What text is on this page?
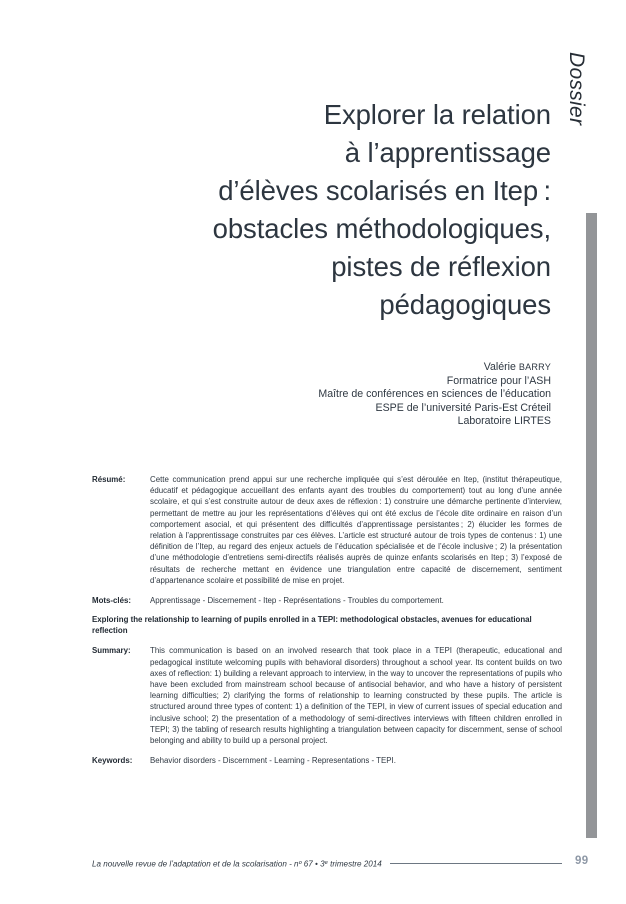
Dossier
Explorer la relation
à l’apprentissage
d’élèves scolarisés en Itep :
obstacles méthodologiques,
pistes de réflexion
pédagogiques
Valérie BARRY
Formatrice pour l’ASH
Maître de conférences en sciences de l’éducation
ESPE de l’université Paris-Est Créteil
Laboratoire LIRTES
Résumé:	Cette communication prend appui sur une recherche impliquée qui s’est déroulée en Itep, (institut thérapeutique, éducatif et pédagogique accueillant des enfants ayant des troubles du comportement) tout au long d’une année scolaire, et qui s’est construite autour de deux axes de réflexion : 1) construire une démarche pertinente d’interview, permettant de mettre au jour les représentations d’élèves qui ont été exclus de l’école dite ordinaire en raison d’un comportement asocial, et qui présentent des difficultés d’apprentissage persistantes ; 2) élucider les formes de relation à l’apprentissage construites par ces élèves. L’article est structuré autour de trois types de contenus : 1) une définition de l’Itep, au regard des enjeux actuels de l’éducation spécialisée et de l’école inclusive ; 2) la présentation d’une méthodologie d’entretiens semi-directifs réalisés auprès de quinze enfants scolarisés en Itep ; 3) l’exposé de résultats de recherche mettant en évidence une triangulation entre capacité de discernement, sentiment d’appartenance scolaire et possibilité de mise en projet.
Mots-clés:	Apprentissage - Discernement - Itep - Représentations - Troubles du comportement.
Exploring the relationship to learning of pupils enrolled in a TEPI: methodological obstacles, avenues for educational reflection
Summary:	This communication is based on an involved research that took place in a TEPI (therapeutic, educational and pedagogical institute welcoming pupils with behavioral disorders) throughout a school year. Its content builds on two axes of reflection: 1) building a relevant approach to interview, in the way to uncover the representations of pupils who have been excluded from mainstream school because of antisocial behavior, and who have a history of persistent learning difficulties; 2) clarifying the forms of relationship to learning constructed by these pupils. The article is structured around three types of content: 1) a definition of the TEPI, in view of current issues of special education and inclusive school; 2) the presentation of a methodology of semi-directives interviews with fifteen children enrolled in TEPI; 3) the tabling of research results highlighting a triangulation between capacity for discernment, sense of school belonging and ability to build up a personal project.
Keywords:	Behavior disorders - Discernment - Learning - Representations - TEPI.
La nouvelle revue de l’adaptation et de la scolarisation - nº 67 • 3e trimestre 2014	99
